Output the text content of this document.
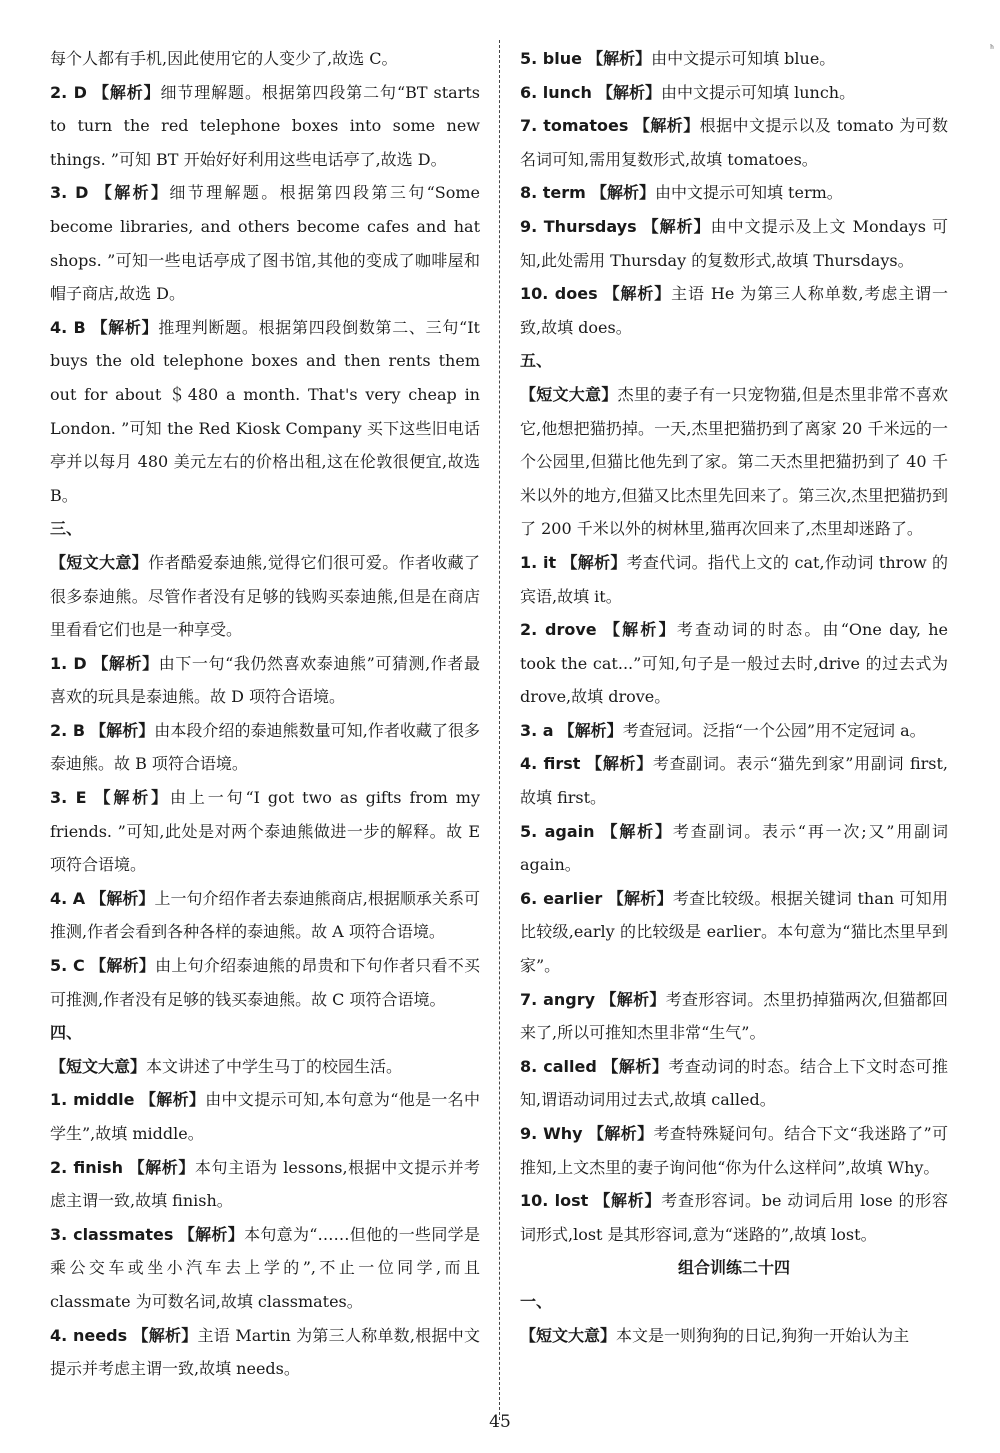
每个人都有手机,因此使用它的人变少了,故选 C。

2. D 【解析】细节理解题。根据第四段第二句“BT starts to turn the red telephone boxes into some new things. ”可知 BT 开始好好利用这些电话亭了,故选 D。

3. D 【解析】细节理解题。根据第四段第三句“Some become libraries, and others become cafes and hat shops. ”可知一些电话亭成了图书馆,其他的变成了咖啡屋和帽子商店,故选 D。

4. B 【解析】推理判断题。根据第四段倒数第二、三句“It buys the old telephone boxes and then rents them out for about ＄480 a month. That's very cheap in London. ”可知 the Red Kiosk Company 买下这些旧电话亭并以每月 480 美元左右的价格出租,这在伦敦很便宜,故选 B。

三、

【短文大意】作者酷爱泰迪熊,觉得它们很可爱。作者收藏了很多泰迪熊。尽管作者没有足够的钱购买泰迪熊,但是在商店里看看它们也是一种享受。

1. D 【解析】由下一句“我仍然喜欢泰迪熊”可猜测,作者最喜欢的玩具是泰迪熊。故 D 项符合语境。

2. B 【解析】由本段介绍的泰迪熊数量可知,作者收藏了很多泰迪熊。故 B 项符合语境。

3. E 【解析】由上一句“I got two as gifts from my friends. ”可知,此处是对两个泰迪熊做进一步的解释。故 E 项符合语境。

4. A 【解析】上一句介绍作者去泰迪熊商店,根据顺承关系可推测,作者会看到各种各样的泰迪熊。故 A 项符合语境。

5. C 【解析】由上句介绍泰迪熊的昂贵和下句作者只看不买可推测,作者没有足够的钱买泰迪熊。故 C 项符合语境。

四、

【短文大意】本文讲述了中学生马丁的校园生活。

1. middle 【解析】由中文提示可知,本句意为“他是一名中学生”,故填 middle。

2. finish 【解析】本句主语为 lessons,根据中文提示并考虑主谓一致,故填 finish。

3. classmates 【解析】本句意为“……但他的一些同学是乘公交车或坐小汽车去上学的”,不止一位同学,而且 classmate 为可数名词,故填 classmates。

4. needs 【解析】主语 Martin 为第三人称单数,根据中文提示并考虑主谓一致,故填 needs。

5. blue 【解析】由中文提示可知填 blue。

6. lunch 【解析】由中文提示可知填 lunch。

7. tomatoes 【解析】根据中文提示以及 tomato 为可数名词可知,需用复数形式,故填 tomatoes。

8. term 【解析】由中文提示可知填 term。

9. Thursdays 【解析】由中文提示及上文 Mondays 可知,此处需用 Thursday 的复数形式,故填 Thursdays。

10. does 【解析】主语 He 为第三人称单数,考虑主谓一致,故填 does。

五、

【短文大意】杰里的妻子有一只宠物猫,但是杰里非常不喜欢它,他想把猫扔掉。一天,杰里把猫扔到了离家 20 千米远的一个公园里,但猫比他先到了家。第二天杰里把猫扔到了 40 千米以外的地方,但猫又比杰里先回来了。第三次,杰里把猫扔到了 200 千米以外的树林里,猫再次回来了,杰里却迷路了。

1. it 【解析】考查代词。指代上文的 cat,作动词 throw 的宾语,故填 it。

2. drove 【解析】考查动词的时态。由“One day, he took the cat...”可知,句子是一般过去时,drive 的过去式为 drove,故填 drove。

3. a 【解析】考查冠词。泛指“一个公园”用不定冠词 a。

4. first 【解析】考查副词。表示“猫先到家”用副词 first,故填 first。

5. again 【解析】考查副词。表示“再一次;又”用副词 again。

6. earlier 【解析】考查比较级。根据关键词 than 可知用比较级,early 的比较级是 earlier。本句意为“猫比杰里早到家”。

7. angry 【解析】考查形容词。杰里扔掉猫两次,但猫都回来了,所以可推知杰里非常“生气”。

8. called 【解析】考查动词的时态。结合上下文时态可推知,谓语动词用过去式,故填 called。

9. Why 【解析】考查特殊疑问句。结合下文“我迷路了”可推知,上文杰里的妻子询问他“你为什么这样问”,故填 Why。

10. lost 【解析】考查形容词。be 动词后用 lose 的形容词形式,lost 是其形容词,意为“迷路的”,故填 lost。

组合训练二十四

一、

【短文大意】本文是一则狗狗的日记,狗狗一开始认为主

ʰ
45
